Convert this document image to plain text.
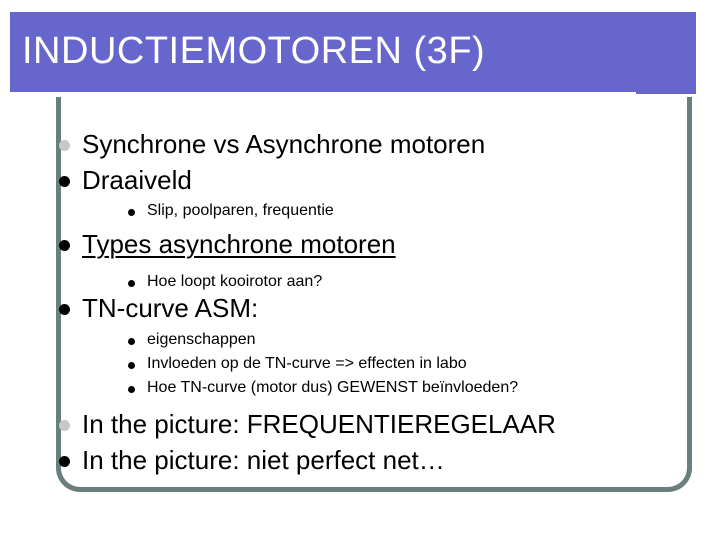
INDUCTIEMOTOREN (3F)
Synchrone vs Asynchrone motoren
Draaiveld
Slip, poolparen, frequentie
Types asynchrone motoren
Hoe loopt kooirotor aan?
TN-curve ASM:
eigenschappen
Invloeden op de TN-curve => effecten in labo
Hoe TN-curve (motor dus) GEWENST beïnvloeden?
In the picture: FREQUENTIEREGELAAR
In the picture: niet perfect net…
